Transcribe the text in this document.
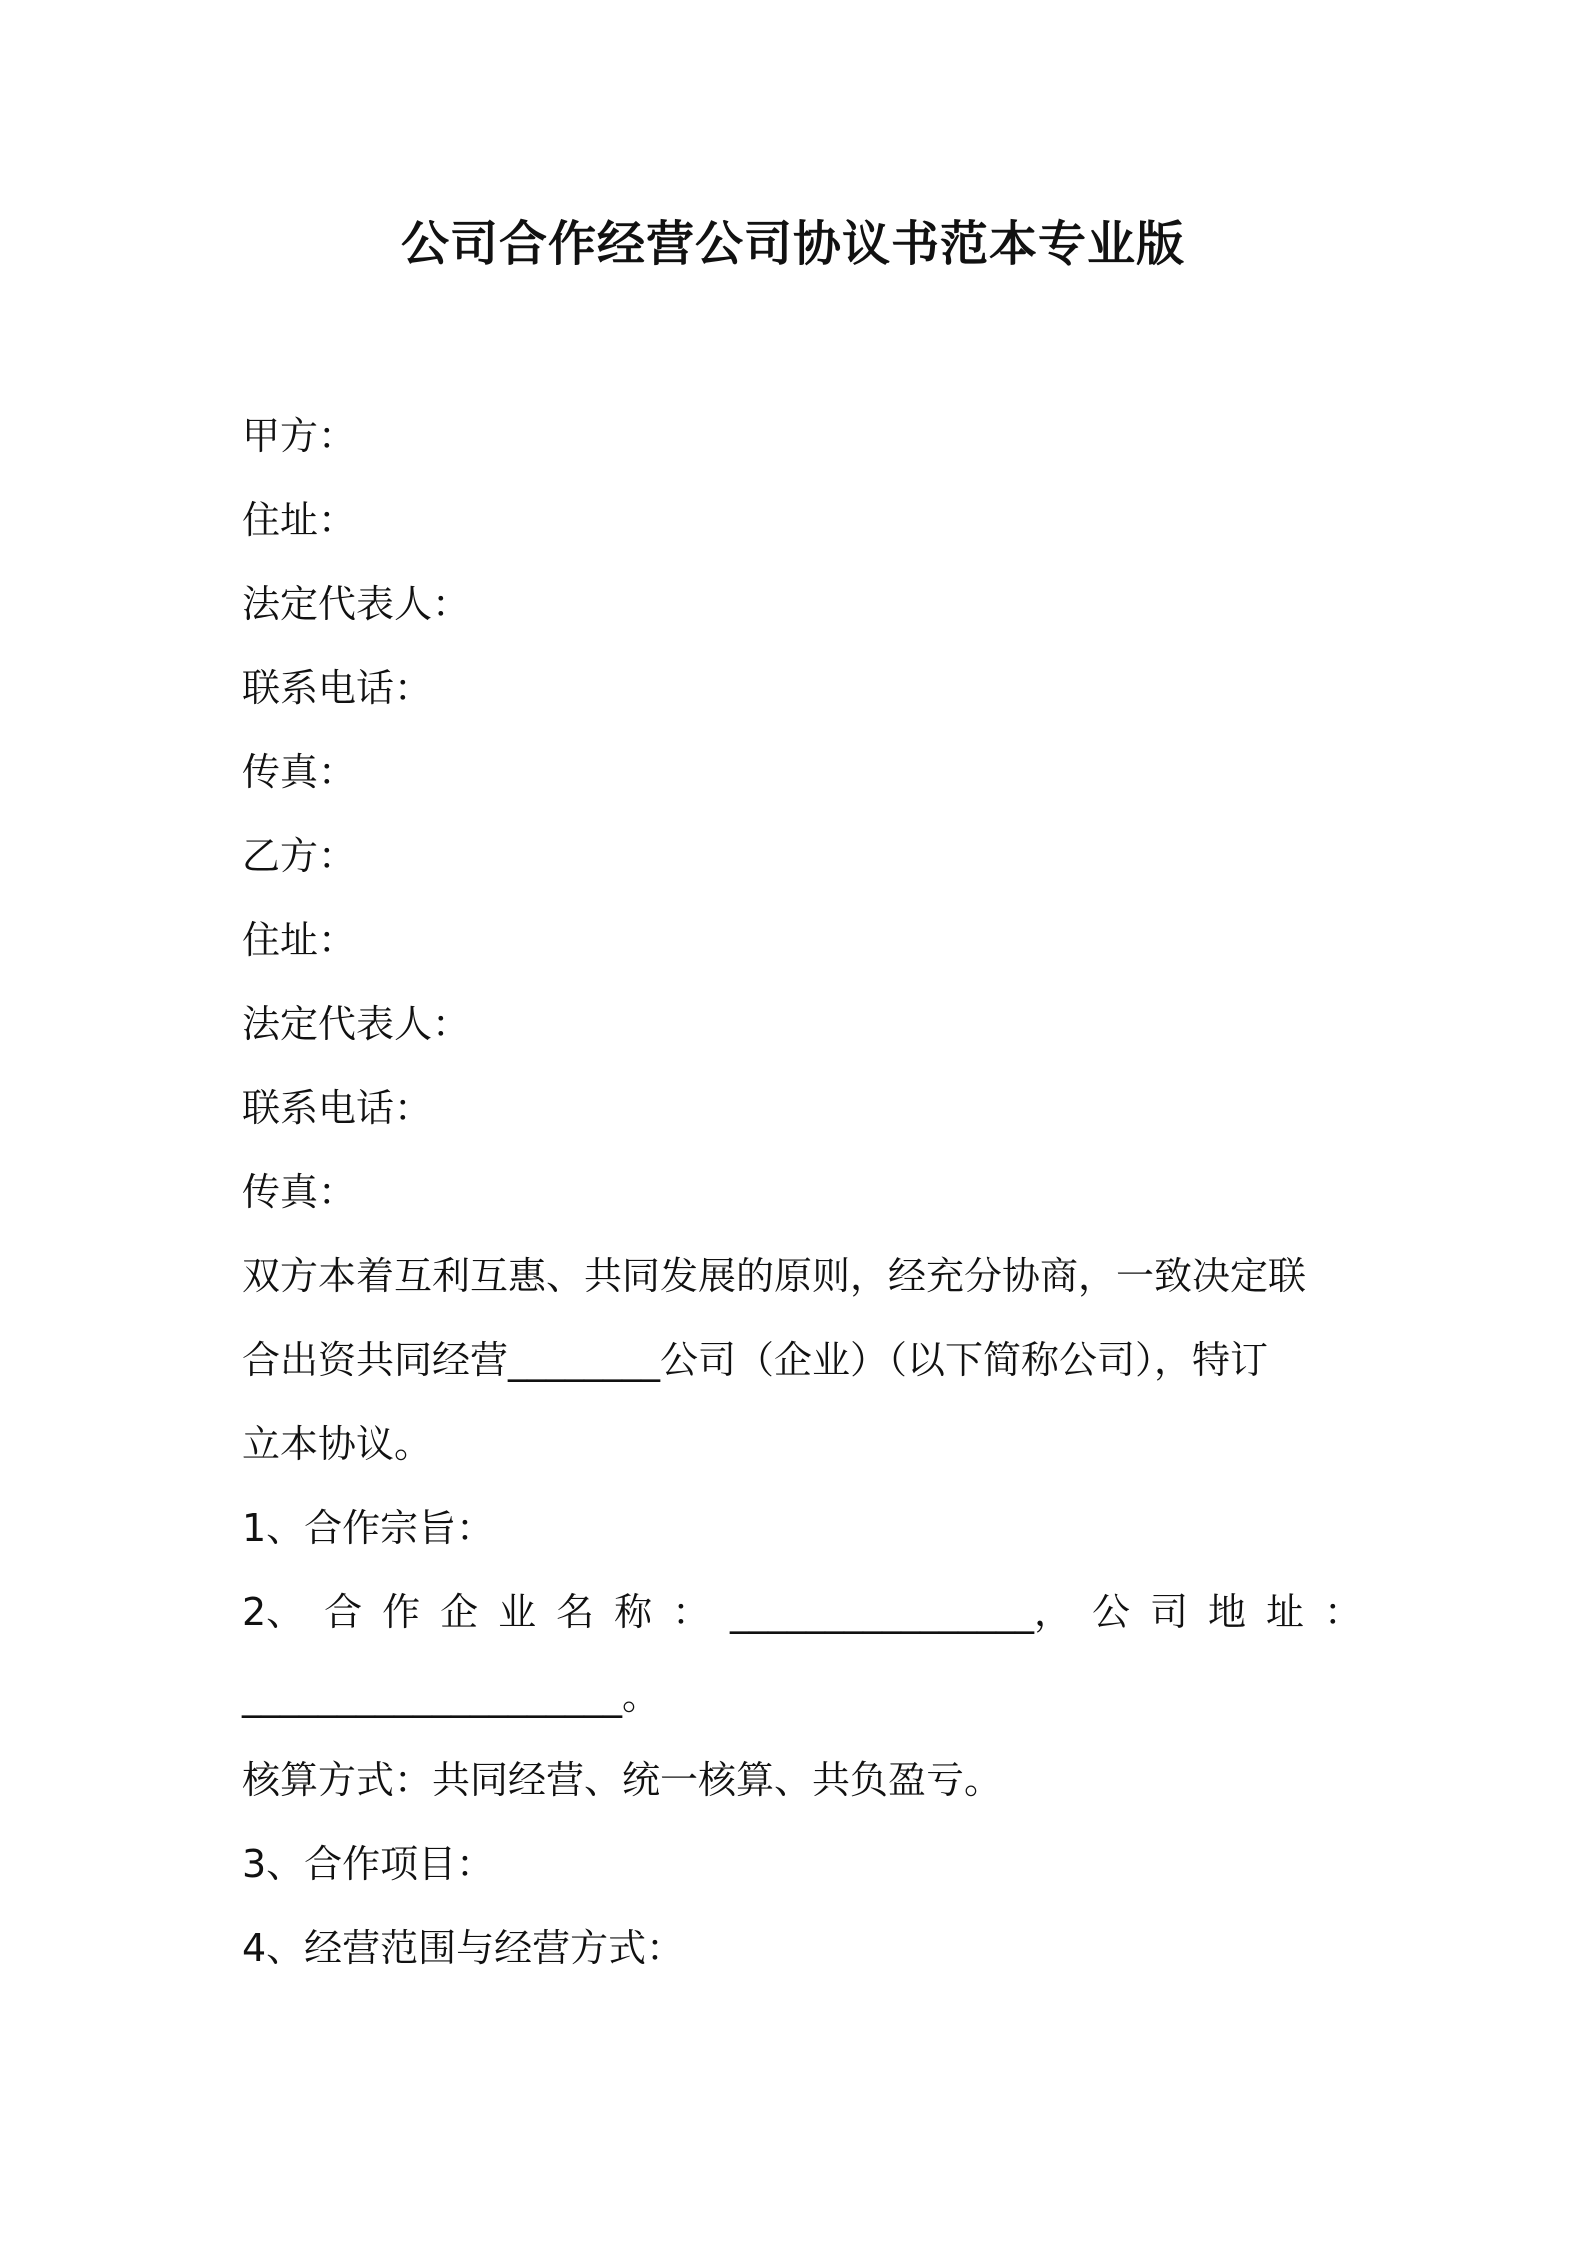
公司合作经营公司协议书范本专业版
甲方：
住址：
法定代表人：
联系电话：
传真：
乙方：
住址：
法定代表人：
联系电话：
传真：
双方本着互利互惠、共同发展的原则，经充分协商，一致决定联
合出资共同经营________公司（企业）（以下简称公司），特订
立本协议。
1、合作宗旨：
2、 合 作 企 业 名 称 ： ________________， 公 司 地 址 ：
____________________。
核算方式：共同经营、统一核算、共负盈亏。
3、合作项目：
4、经营范围与经营方式：
